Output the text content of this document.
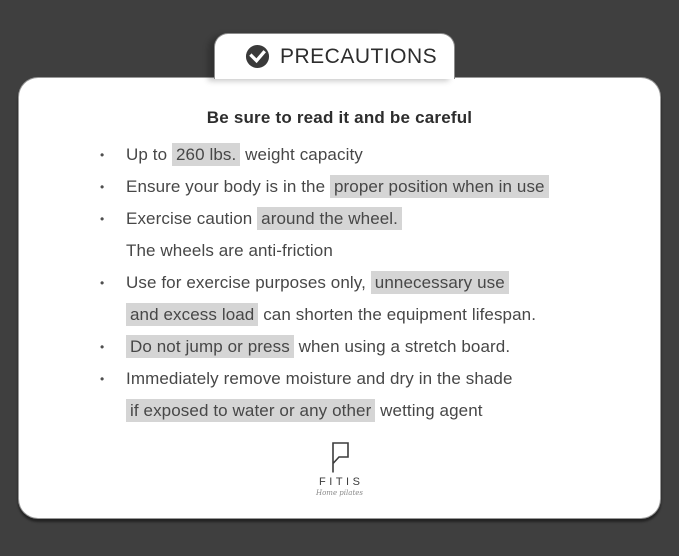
PRECAUTIONS
Be sure to read it and be careful
•	Up to 260 lbs. weight capacity
•	Ensure your body is in the proper position when in use
•	Exercise caution around the wheel.
The wheels are anti-friction
•	Use for exercise purposes only, unnecessary use
and excess load can shorten the equipment lifespan.
•	Do not jump or press when using a stretch board.
•	Immediately remove moisture and dry in the shade
if exposed to water or any other wetting agent
FITIS
Home pilates
